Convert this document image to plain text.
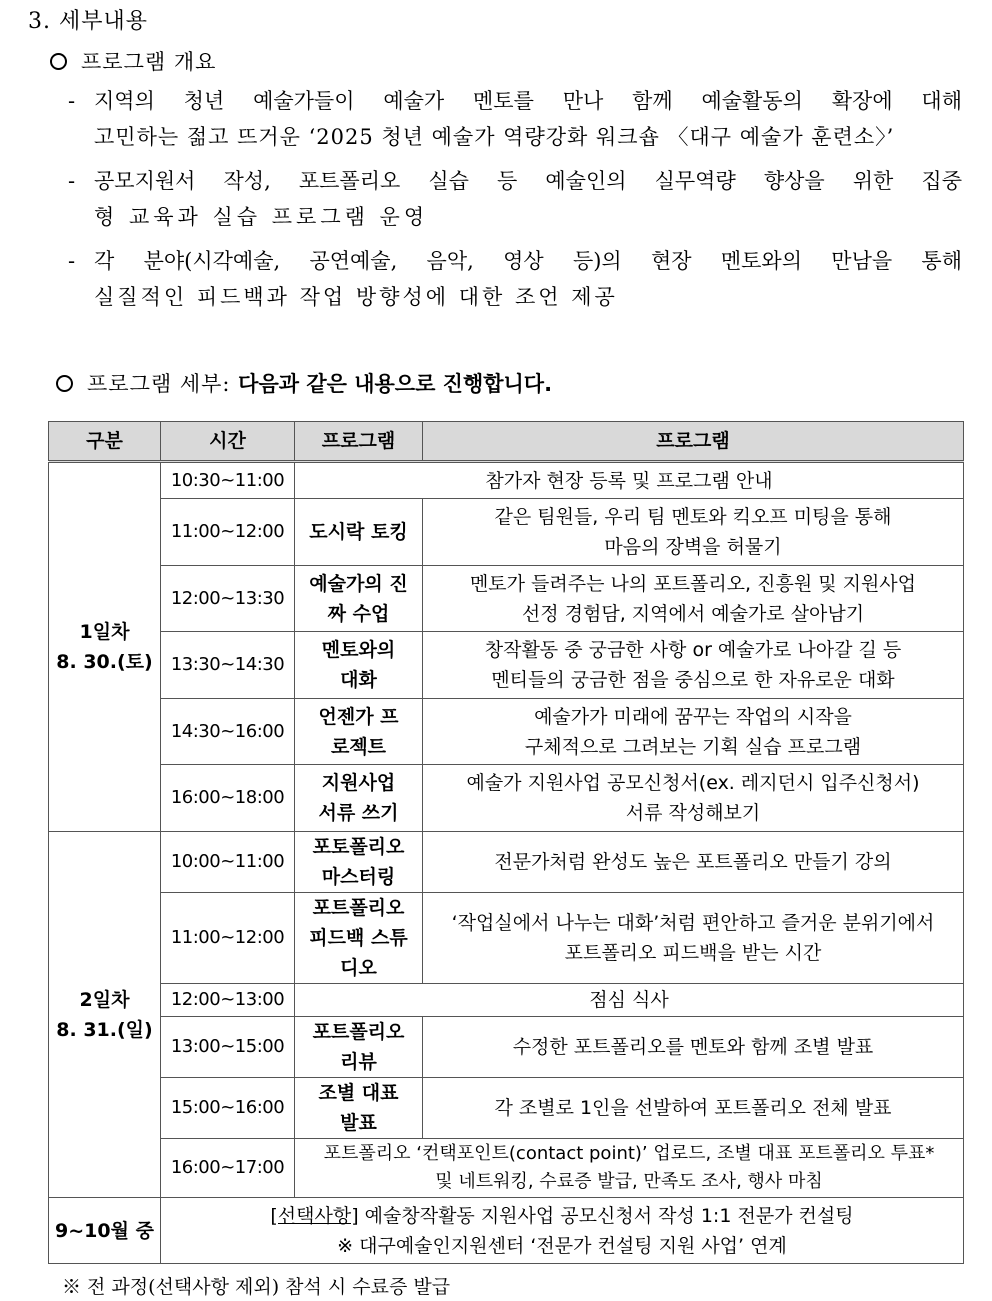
3. 세부내용
프로그램 개요
- 지역의 청년 예술가들이 예술가 멘토를 만나 함께 예술활동의 확장에 대해
고민하는 젊고 뜨거운 ‘2025 청년 예술가 역량강화 워크숍 〈대구 예술가 훈련소〉’
- 공모지원서 작성, 포트폴리오 실습 등 예술인의 실무역량 향상을 위한 집중
형 교육과 실습 프로그램 운영
- 각 분야(시각예술, 공연예술, 음악, 영상 등)의 현장 멘토와의 만남을 통해
실질적인 피드백과 작업 방향성에 대한 조언 제공
프로그램 세부: 다음과 같은 내용으로 진행합니다.
구분	시간	프로그램	프로그램

1일차
8. 30.(토)	10:30~11:00	참가자 현장 등록 및 프로그램 안내	

	11:00~12:00	도시락 토킹	같은 팀원들, 우리 팀 멘토와 킥오프 미팅을 통해
마음의 장벽을 허물기

	12:00~13:30	예술가의 진짜 수업	멘토가 들려주는 나의 포트폴리오, 진흥원 및 지원사업
선정 경험담, 지역에서 예술가로 살아남기

	13:30~14:30	멘토와의 대화	창작활동 중 궁금한 사항 or 예술가로 나아갈 길 등
멘티들의 궁금한 점을 중심으로 한 자유로운 대화

	14:30~16:00	언젠가 프로젝트	예술가가 미래에 꿈꾸는 작업의 시작을
구체적으로 그려보는 기획 실습 프로그램

	16:00~18:00	지원사업 서류 쓰기	예술가 지원사업 공모신청서(ex. 레지던시 입주신청서)
서류 작성해보기

2일차
8. 31.(일)	10:00~11:00	포토폴리오 마스터링	전문가처럼 완성도 높은 포트폴리오 만들기 강의

	11:00~12:00	포트폴리오 피드백 스튜디오	‘작업실에서 나누는 대화’처럼 편안하고 즐거운 분위기에서
포트폴리오 피드백을 받는 시간

	12:00~13:00	점심 식사	

	13:00~15:00	포트폴리오 리뷰	수정한 포트폴리오를 멘토와 함께 조별 발표

	15:00~16:00	조별 대표 발표	각 조별로 1인을 선발하여 포트폴리오 전체 발표

	16:00~17:00	포트폴리오 ‘컨택포인트(contact point)’ 업로드, 조별 대표 포트폴리오 투표*
및 네트워킹, 수료증 발급, 만족도 조사, 행사 마침	

9~10월 중	[선택사항] 예술창작활동 지원사업 공모신청서 작성 1:1 전문가 컨설팅
※ 대구예술인지원센터 ‘전문가 컨설팅 지원 사업’ 연계		
※ 전 과정(선택사항 제외) 참석 시 수료증 발급
